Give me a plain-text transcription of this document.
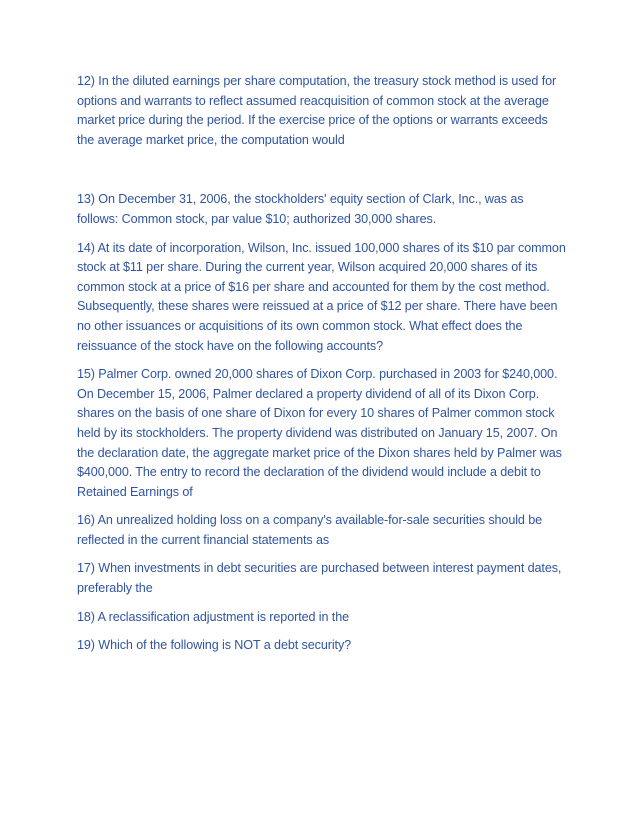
12) In the diluted earnings per share computation, the treasury stock method is used for options and warrants to reflect assumed reacquisition of common stock at the average market price during the period. If the exercise price of the options or warrants exceeds the average market price, the computation would

13) On December 31, 2006, the stockholders' equity section of Clark, Inc., was as follows: Common stock, par value $10; authorized 30,000 shares.

14) At its date of incorporation, Wilson, Inc. issued 100,000 shares of its $10 par common stock at $11 per share. During the current year, Wilson acquired 20,000 shares of its common stock at a price of $16 per share and accounted for them by the cost method. Subsequently, these shares were reissued at a price of $12 per share. There have been no other issuances or acquisitions of its own common stock. What effect does the reissuance of the stock have on the following accounts?

15) Palmer Corp. owned 20,000 shares of Dixon Corp. purchased in 2003 for $240,000. On December 15, 2006, Palmer declared a property dividend of all of its Dixon Corp. shares on the basis of one share of Dixon for every 10 shares of Palmer common stock held by its stockholders. The property dividend was distributed on January 15, 2007. On the declaration date, the aggregate market price of the Dixon shares held by Palmer was $400,000. The entry to record the declaration of the dividend would include a debit to Retained Earnings of

16) An unrealized holding loss on a company's available-for-sale securities should be reflected in the current financial statements as

17) When investments in debt securities are purchased between interest payment dates, preferably the

18) A reclassification adjustment is reported in the

19) Which of the following is NOT a debt security?
